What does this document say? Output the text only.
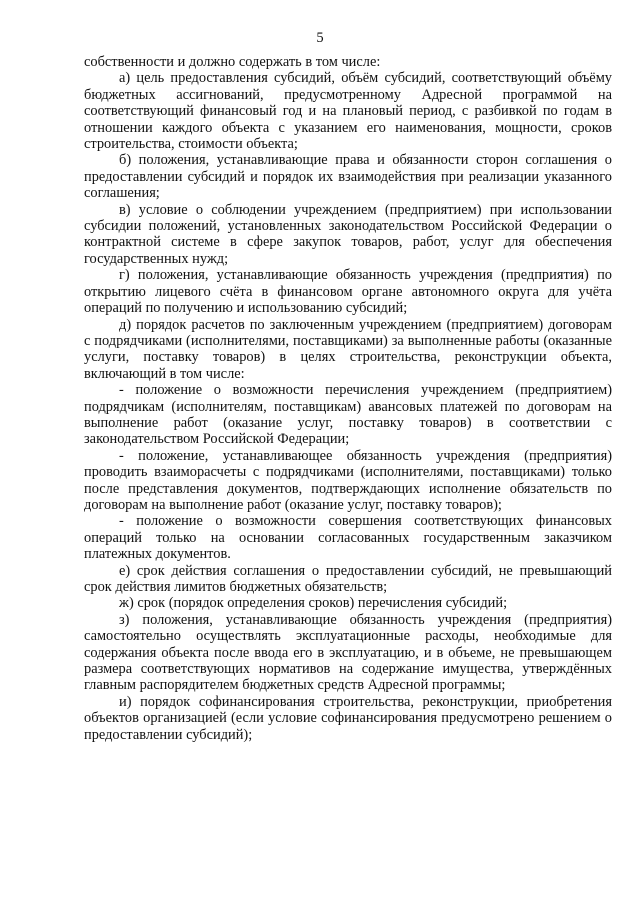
5

собственности и должно содержать в том числе:

а) цель предоставления субсидий, объём субсидий, соответствующий объёму бюджетных ассигнований, предусмотренному Адресной программой на соответствующий финансовый год и на плановый период, с разбивкой по годам в отношении каждого объекта с указанием его наименования, мощности, сроков строительства, стоимости объекта;

б) положения, устанавливающие права и обязанности сторон соглашения о предоставлении субсидий и порядок их взаимодействия при реализации указанного соглашения;

в) условие о соблюдении учреждением (предприятием) при использовании субсидии положений, установленных законодательством Российской Федерации о контрактной системе в сфере закупок товаров, работ, услуг для обеспечения государственных нужд;

г) положения, устанавливающие обязанность учреждения (предприятия) по открытию лицевого счёта в финансовом органе автономного округа для учёта операций по получению и использованию субсидий;

д) порядок расчетов по заключенным учреждением (предприятием) договорам с подрядчиками (исполнителями, поставщиками) за выполненные работы (оказанные услуги, поставку товаров) в целях строительства, реконструкции объекта, включающий в том числе:

- положение о возможности перечисления учреждением (предприятием) подрядчикам (исполнителям, поставщикам) авансовых платежей по договорам на выполнение работ (оказание услуг, поставку товаров) в соответствии с законодательством Российской Федерации;

- положение, устанавливающее обязанность учреждения (предприятия) проводить взаиморасчеты с подрядчиками (исполнителями, поставщиками) только после представления документов, подтверждающих исполнение обязательств по договорам на выполнение работ (оказание услуг, поставку товаров);

- положение о возможности совершения соответствующих финансовых операций только на основании согласованных государственным заказчиком платежных документов.

е) срок действия соглашения о предоставлении субсидий, не превышающий срок действия лимитов бюджетных обязательств;

ж) срок (порядок определения сроков) перечисления субсидий;

з) положения, устанавливающие обязанность учреждения (предприятия) самостоятельно осуществлять эксплуатационные расходы, необходимые для содержания объекта после ввода его в эксплуатацию, и в объеме, не превышающем размера соответствующих нормативов на содержание имущества, утверждённых главным распорядителем бюджетных средств Адресной программы;

и) порядок софинансирования строительства, реконструкции, приобретения объектов организацией (если условие софинансирования предусмотрено решением о предоставлении субсидий);
